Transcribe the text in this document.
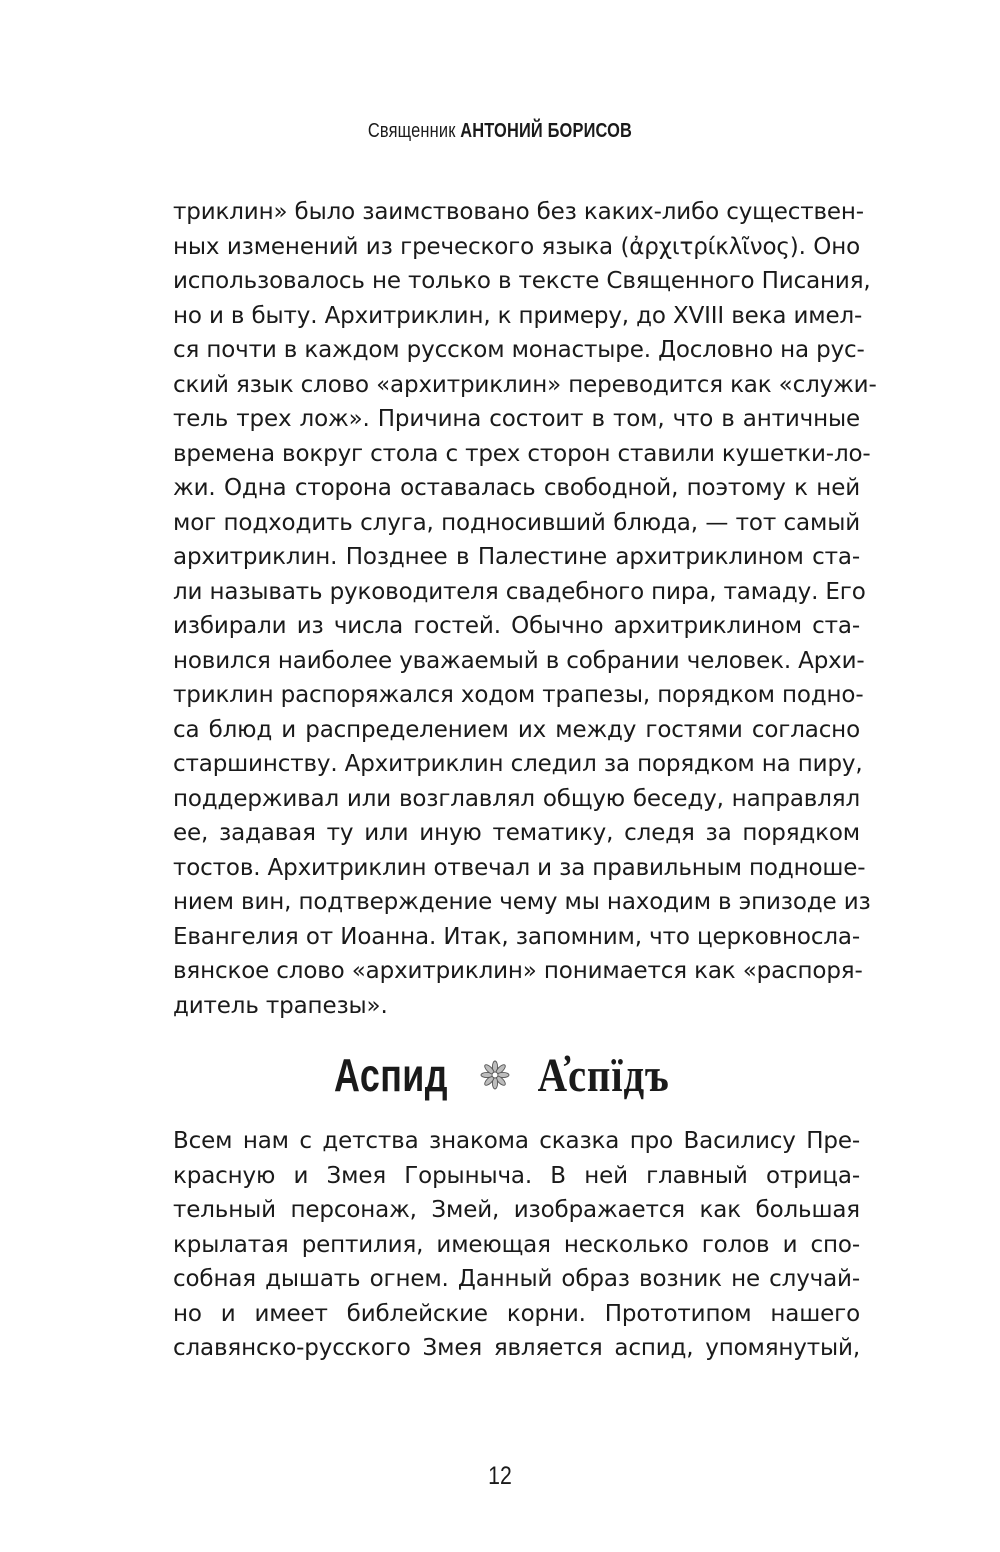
Священник АНТОНИЙ БОРИСОВ
триклин» было заимствовано без каких-либо существен-
ных изменений из греческого языка (ἀρχιτρίκλῖνος). Оно
использовалось не только в тексте Священного Писания,
но и в быту. Архитриклин, к примеру, до XVIII века имел-
ся почти в каждом русском монастыре. Дословно на рус-
ский язык слово «архитриклин» переводится как «служи-
тель трех лож». Причина состоит в том, что в античные
времена вокруг стола с трех сторон ставили кушетки-ло-
жи. Одна сторона оставалась свободной, поэтому к ней
мог подходить слуга, подносивший блюда, — тот самый
архитриклин. Позднее в Палестине архитриклином ста-
ли называть руководителя свадебного пира, тамаду. Его
избирали из числа гостей. Обычно архитриклином ста-
новился наиболее уважаемый в собрании человек. Архи-
триклин распоряжался ходом трапезы, порядком подно-
са блюд и распределением их между гостями согласно
старшинству. Архитриклин следил за порядком на пиру,
поддерживал или возглавлял общую беседу, направлял
ее, задавая ту или иную тематику, следя за порядком
тостов. Архитриклин отвечал и за правильным подноше-
нием вин, подтверждение чему мы находим в эпизоде из
Евангелия от Иоанна. Итак, запомним, что церковносла-
вянское слово «архитриклин» понимается как «распоря-
дитель трапезы».
Аспид А҆спїдъ
Всем нам с детства знакома сказка про Василису Пре-
красную и Змея Горыныча. В ней главный отрица-
тельный персонаж, Змей, изображается как большая
крылатая рептилия, имеющая несколько голов и спо-
собная дышать огнем. Данный образ возник не случай-
но и имеет библейские корни. Прототипом нашего
славянско-русского Змея является аспид, упомянутый,
12
